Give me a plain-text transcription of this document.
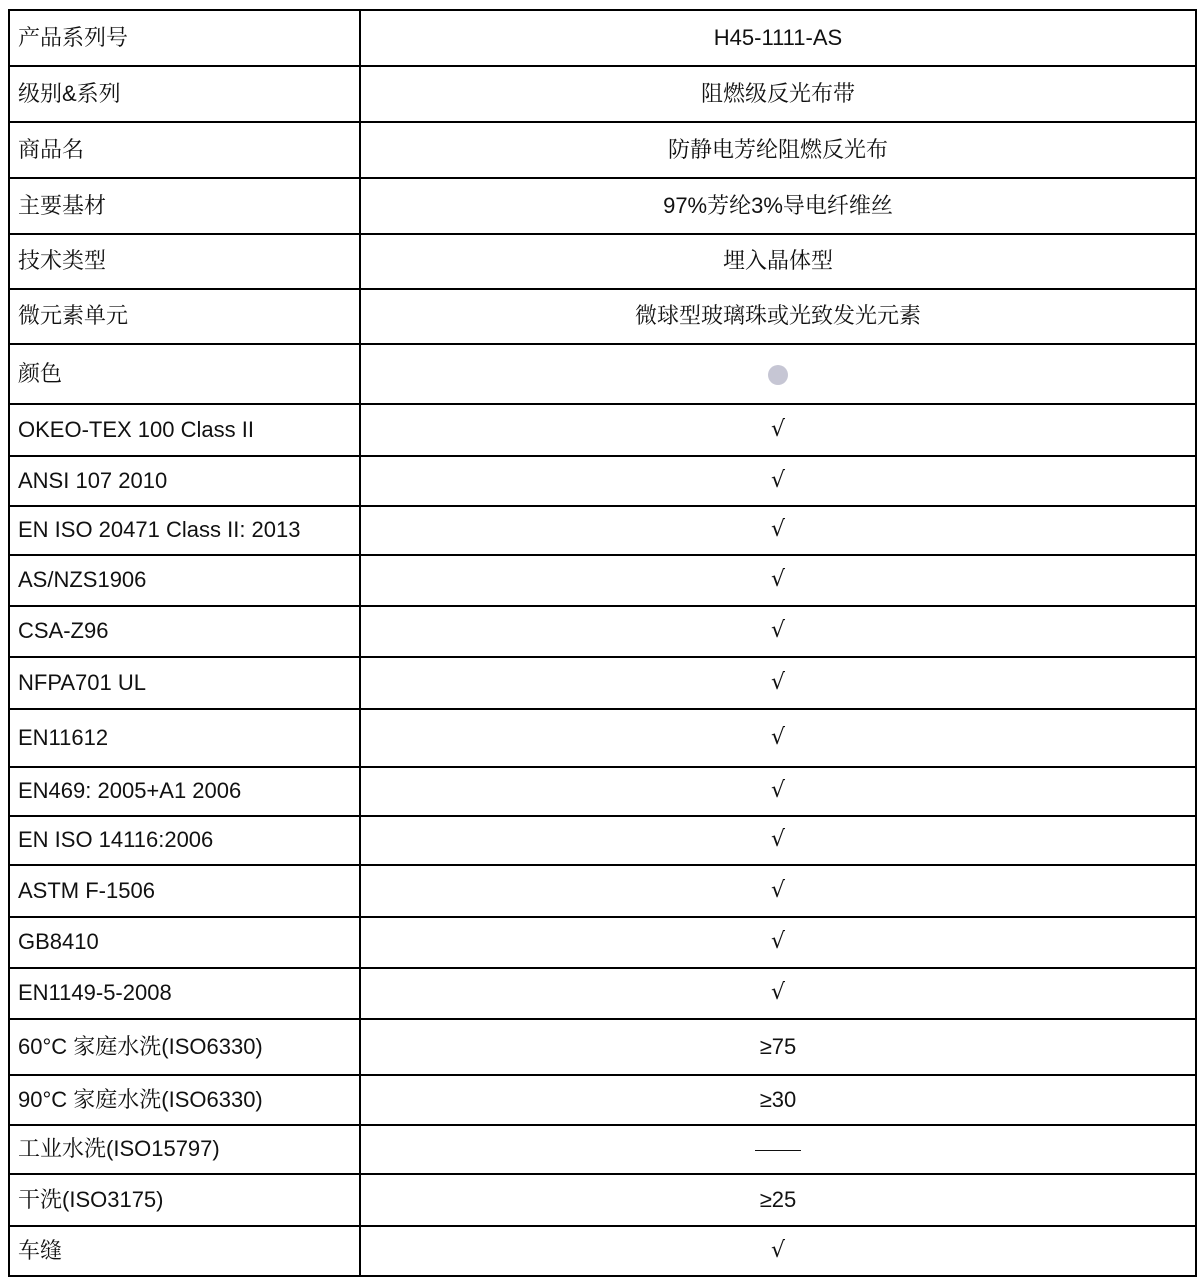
产品系列号	H45-1111-AS
级别&系列	阻燃级反光布带
商品名	防静电芳纶阻燃反光布
主要基材	97%芳纶3%导电纤维丝
技术类型	埋入晶体型
微元素单元	微球型玻璃珠或光致发光元素
颜色	
OKEO-TEX 100 Class II	√
ANSI 107 2010	√
EN ISO 20471 Class II: 2013	√
AS/NZS1906	√
CSA-Z96	√
NFPA701 UL	√
EN11612	√
EN469: 2005+A1 2006	√
EN ISO 14116:2006	√
ASTM F-1506	√
GB8410	√
EN1149-5-2008	√
60°C 家庭水洗(ISO6330)	≥75
90°C 家庭水洗(ISO6330)	≥30
工业水洗(ISO15797)	
干洗(ISO3175)	≥25
车缝	√
